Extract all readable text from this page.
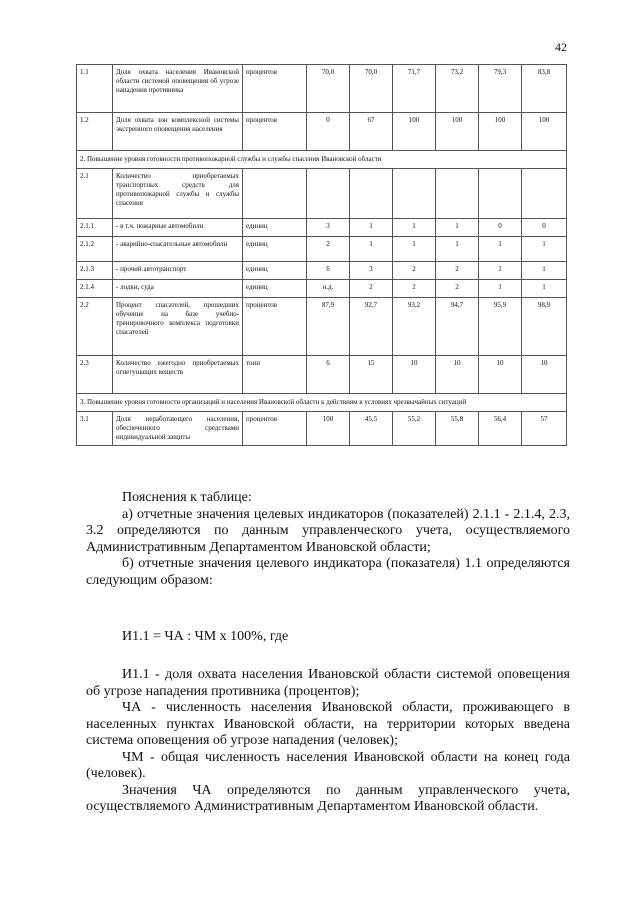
42
1.1	Доля охвата населения Ивановской области системой оповещения об угрозе нападения противника	процентов	70,0	70,0	71,7	73,2	79,3	83,8
1.2	Доля охвата зон комплексной системы экстренного оповещения населения	процентов	0	67	100	100	100	100
2. Повышение уровня готовности противопожарной службы и службы спасения Ивановской области								
2.1	Количество приобретаемых транспортных средств для противопожарной службы и службы спасения							
2.1.1	- в т.ч. пожарные автомобили	единиц	3	1	1	1	0	0
2.1.2	- аварийно-спасательные автомобили	единиц	2	1	1	1	1	1
2.1.3	- прочий автотранспорт	единиц	6	3	2	2	1	1
2.1.4	- лодки, суда	единиц	н.д.	2	2	2	1	1
2.2	Процент спасателей, прошедших обучение на базе учебно-тренировочного комплекса подготовки спасателей	процентов	87,9	92,7	93,2	94,7	95,9	98,9
2.3	Количество ежегодно приобретаемых огнетушащих веществ	тонн	6	15	10	10	10	10
3. Повышение уровня готовности организаций и населения Ивановской области к действиям в условиях чрезвычайных ситуаций								
3.1	Доля неработающего населения, обеспеченного средствами индивидуальной защиты	процентов	100	45,5	55,2	55,8	56,4	57

Пояснения к таблице:

а) отчетные значения целевых индикаторов (показателей) 2.1.1 - 2.1.4, 2.3, 3.2 определяются по данным управленческого учета, осуществляемого Административным Департаментом Ивановской области;

б) отчетные значения целевого индикатора (показателя) 1.1 определяются следующим образом:

И1.1 = ЧА : ЧМ х 100%, где

И1.1 - доля охвата населения Ивановской области системой оповещения об угрозе нападения противника (процентов);

ЧА - численность населения Ивановской области, проживающего в населенных пунктах Ивановской области, на территории которых введена система оповещения об угрозе нападения (человек);

ЧМ - общая численность населения Ивановской области на конец года (человек).

Значения ЧА определяются по данным управленческого учета, осуществляемого Административным Департаментом Ивановской области.
